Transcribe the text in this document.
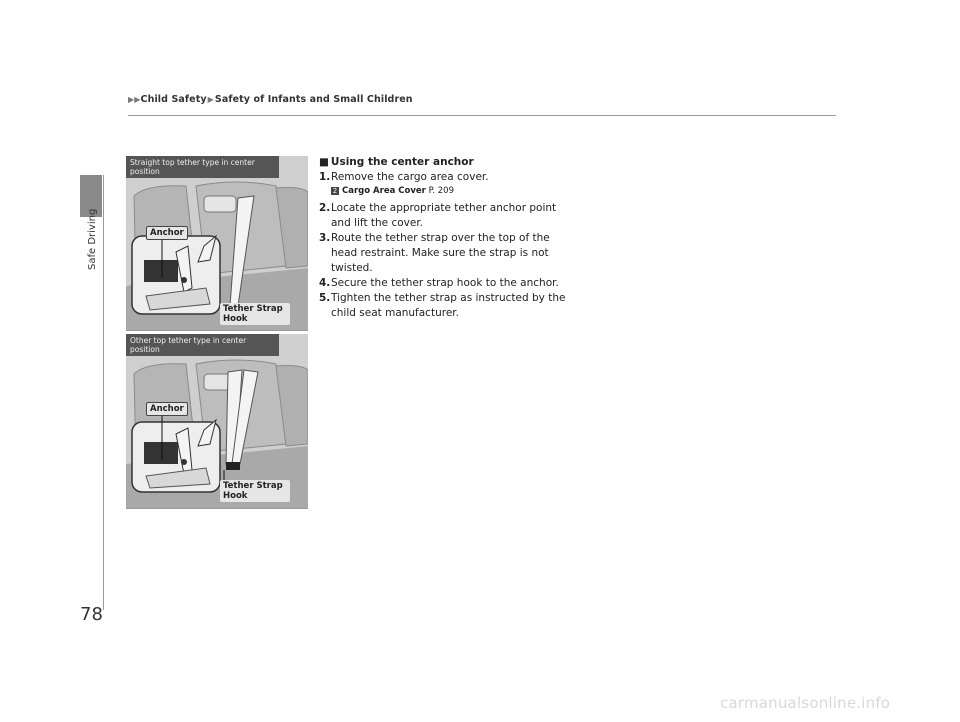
▶▶Child Safety▶Safety of Infants and Small Children
Safe Driving
Straight top tether type in center position
Anchor
Tether Strap Hook
Other top tether type in center position
Anchor
Tether Strap Hook
■ Using the center anchor
1. Remove the cargo area cover.
2 Cargo Area Cover P. 209
2. Locate the appropriate tether anchor point and lift the cover.
3. Route the tether strap over the top of the head restraint. Make sure the strap is not twisted.
4. Secure the tether strap hook to the anchor.
5. Tighten the tether strap as instructed by the child seat manufacturer.
78
carmanualsonline.info
